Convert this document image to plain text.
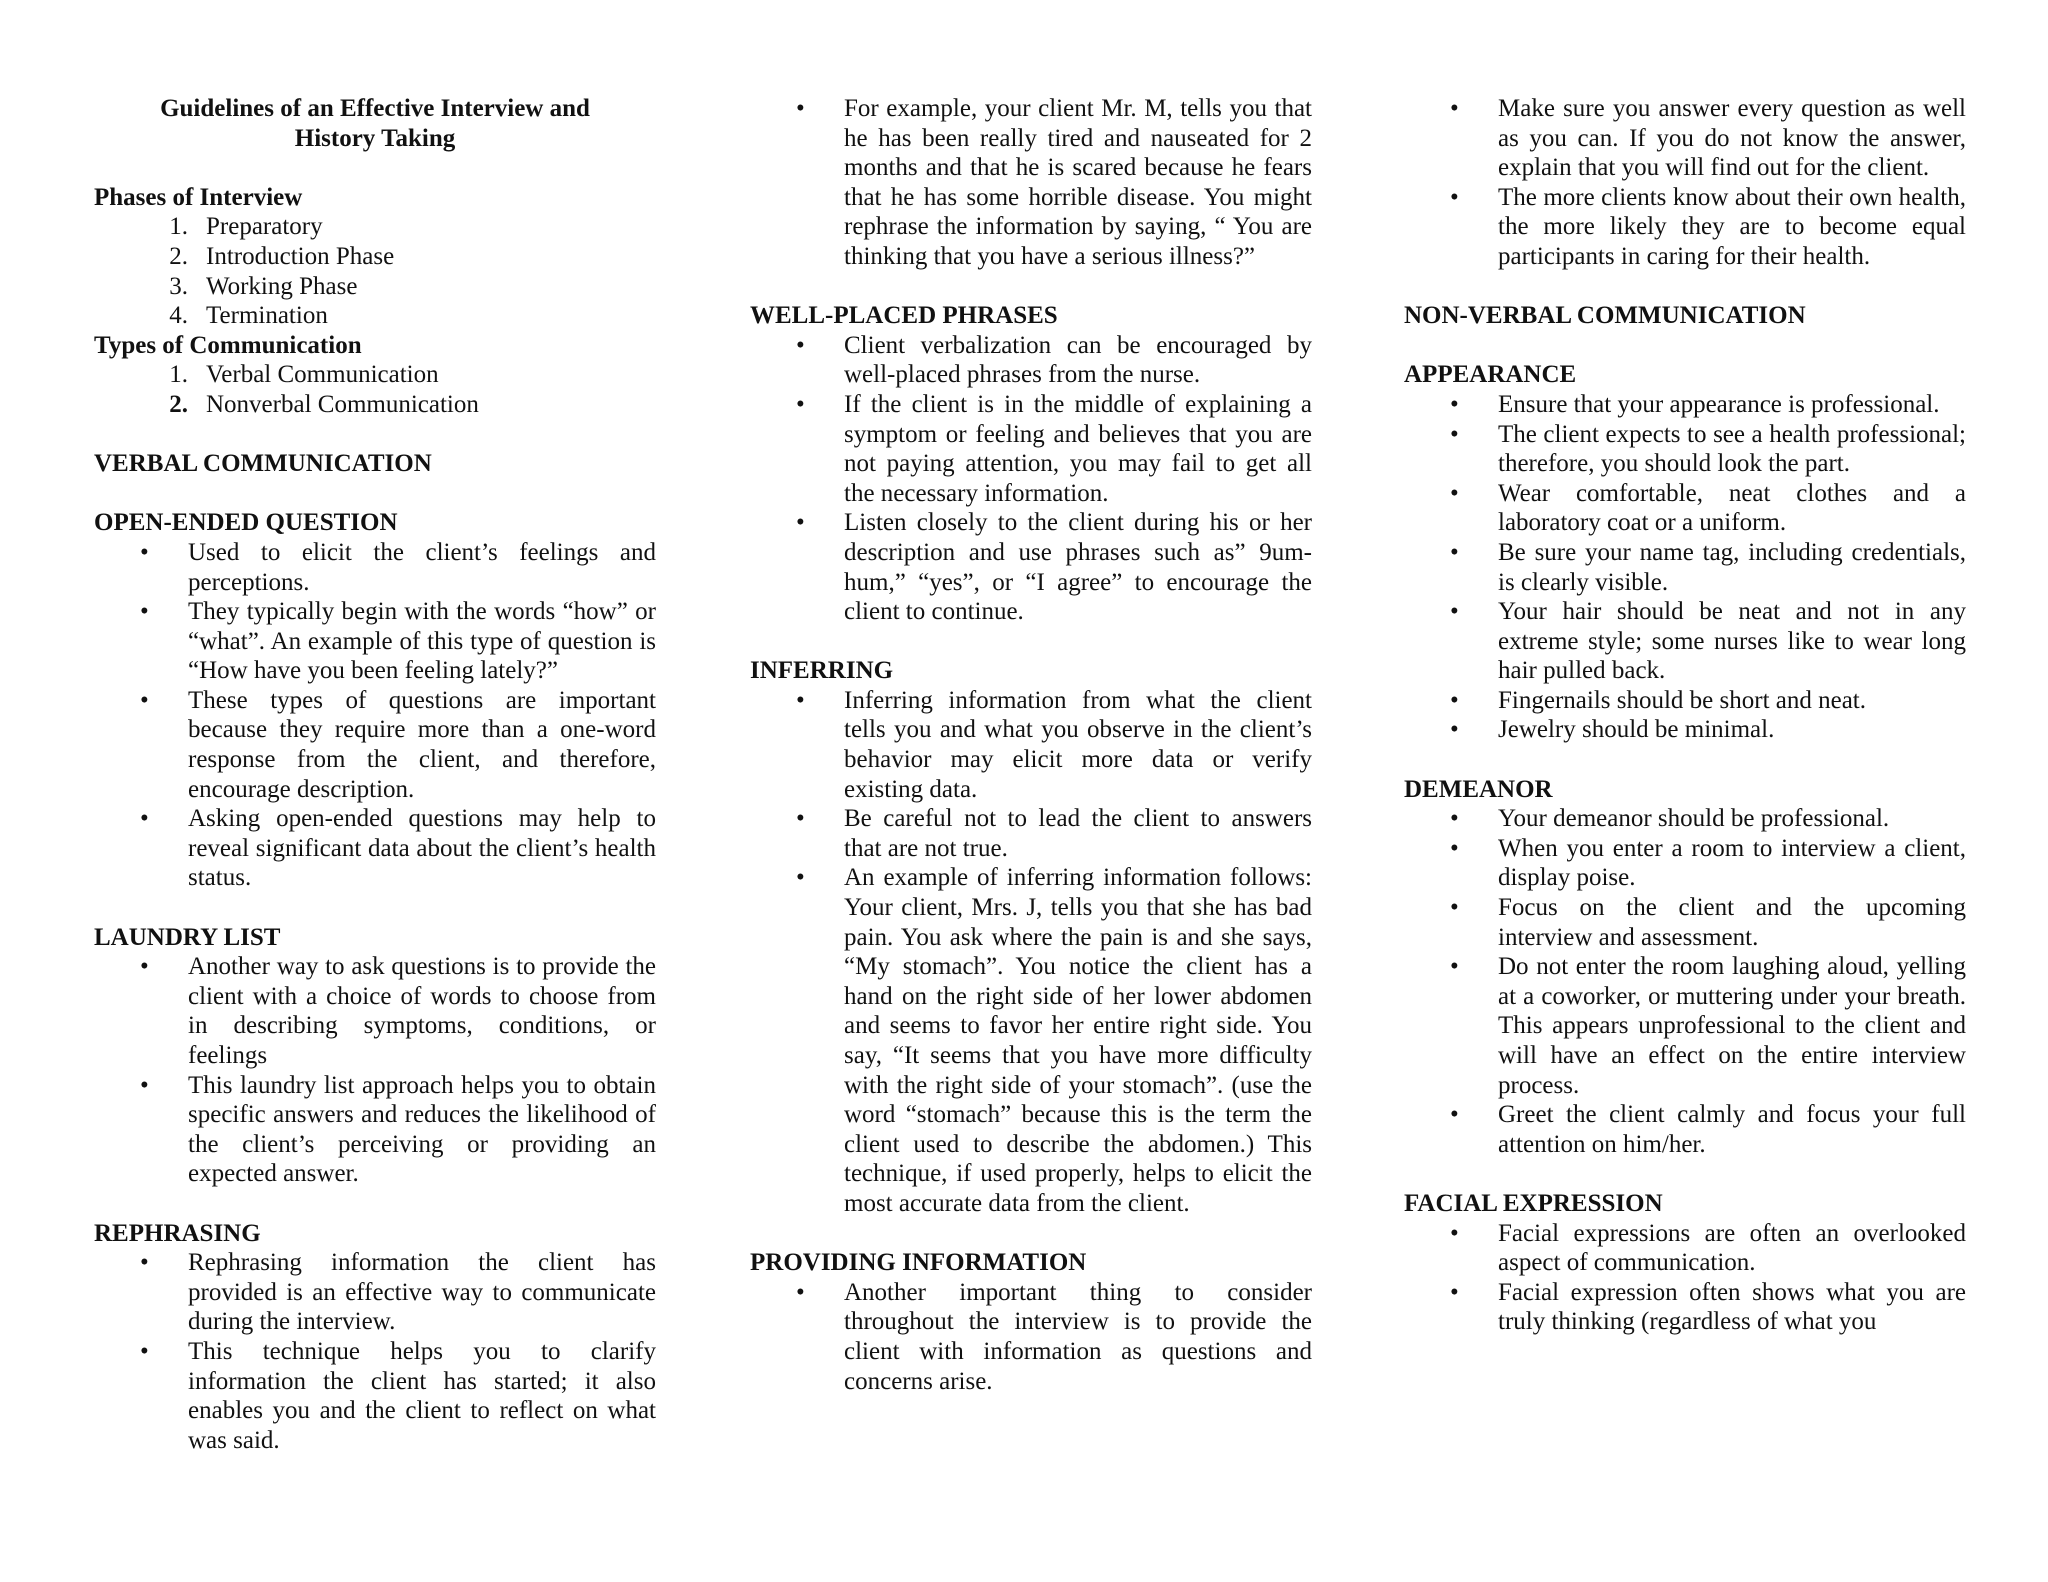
Guidelines of an Effective Interview and
History Taking

Phases of Interview

1. Preparatory
2. Introduction Phase
3. Working Phase
4. Termination

Types of Communication

1. Verbal Communication
2. Nonverbal Communication

VERBAL COMMUNICATION

OPEN-ENDED QUESTION

•	Used to elicit the client’s feelings and perceptions.
•	They typically begin with the words “how” or “what”. An example of this type of question is “How have you been feeling lately?”
•	These types of questions are important because they require more than a one-word response from the client, and therefore, encourage description.
•	Asking open-ended questions may help to reveal significant data about the client’s health status.

LAUNDRY LIST

•	Another way to ask questions is to provide the client with a choice of words to choose from in describing symptoms, conditions, or feelings
•	This laundry list approach helps you to obtain specific answers and reduces the likelihood of the client’s perceiving or providing an expected answer.

REPHRASING

•	Rephrasing information the client has provided is an effective way to communicate during the interview.
•	This technique helps you to clarify information the client has started; it also enables you and the client to reflect on what was said.
•	For example, your client Mr. M, tells you that he has been really tired and nauseated for 2 months and that he is scared because he fears that he has some horrible disease. You might rephrase the information by saying, “ You are thinking that you have a serious illness?”

WELL-PLACED PHRASES

•	Client verbalization can be encouraged by well-placed phrases from the nurse.
•	If the client is in the middle of explaining a symptom or feeling and believes that you are not paying attention, you may fail to get all the necessary information.
•	Listen closely to the client during his or her description and use phrases such as” 9um-hum,” “yes”, or “I agree” to encourage the client to continue.

INFERRING

•	Inferring information from what the client tells you and what you observe in the client’s behavior may elicit more data or verify existing data.
•	Be careful not to lead the client to answers that are not true.
•	An example of inferring information follows: Your client, Mrs. J, tells you that she has bad pain. You ask where the pain is and she says, “My stomach”. You notice the client has a hand on the right side of her lower abdomen and seems to favor her entire right side. You say, “It seems that you have more difficulty with the right side of your stomach”. (use the word “stomach” because this is the term the client used to describe the abdomen.) This technique, if used properly, helps to elicit the most accurate data from the client.

PROVIDING INFORMATION

•	Another important thing to consider throughout the interview is to provide the client with information as questions and concerns arise.
•	Make sure you answer every question as well as you can. If you do not know the answer, explain that you will find out for the client.
•	The more clients know about their own health, the more likely they are to become equal participants in caring for their health.

NON-VERBAL COMMUNICATION

APPEARANCE

•	Ensure that your appearance is professional.
•	The client expects to see a health professional; therefore, you should look the part.
•	Wear comfortable, neat clothes and a laboratory coat or a uniform.
•	Be sure your name tag, including credentials, is clearly visible.
•	Your hair should be neat and not in any extreme style; some nurses like to wear long hair pulled back.
•	Fingernails should be short and neat.
•	Jewelry should be minimal.

DEMEANOR

•	Your demeanor should be professional.
•	When you enter a room to interview a client, display poise.
•	Focus on the client and the upcoming interview and assessment.
•	Do not enter the room laughing aloud, yelling at a coworker, or muttering under your breath. This appears unprofessional to the client and will have an effect on the entire interview process.
•	Greet the client calmly and focus your full attention on him/her.

FACIAL EXPRESSION

•	Facial expressions are often an overlooked aspect of communication.
•	Facial expression often shows what you are truly thinking (regardless of what you
